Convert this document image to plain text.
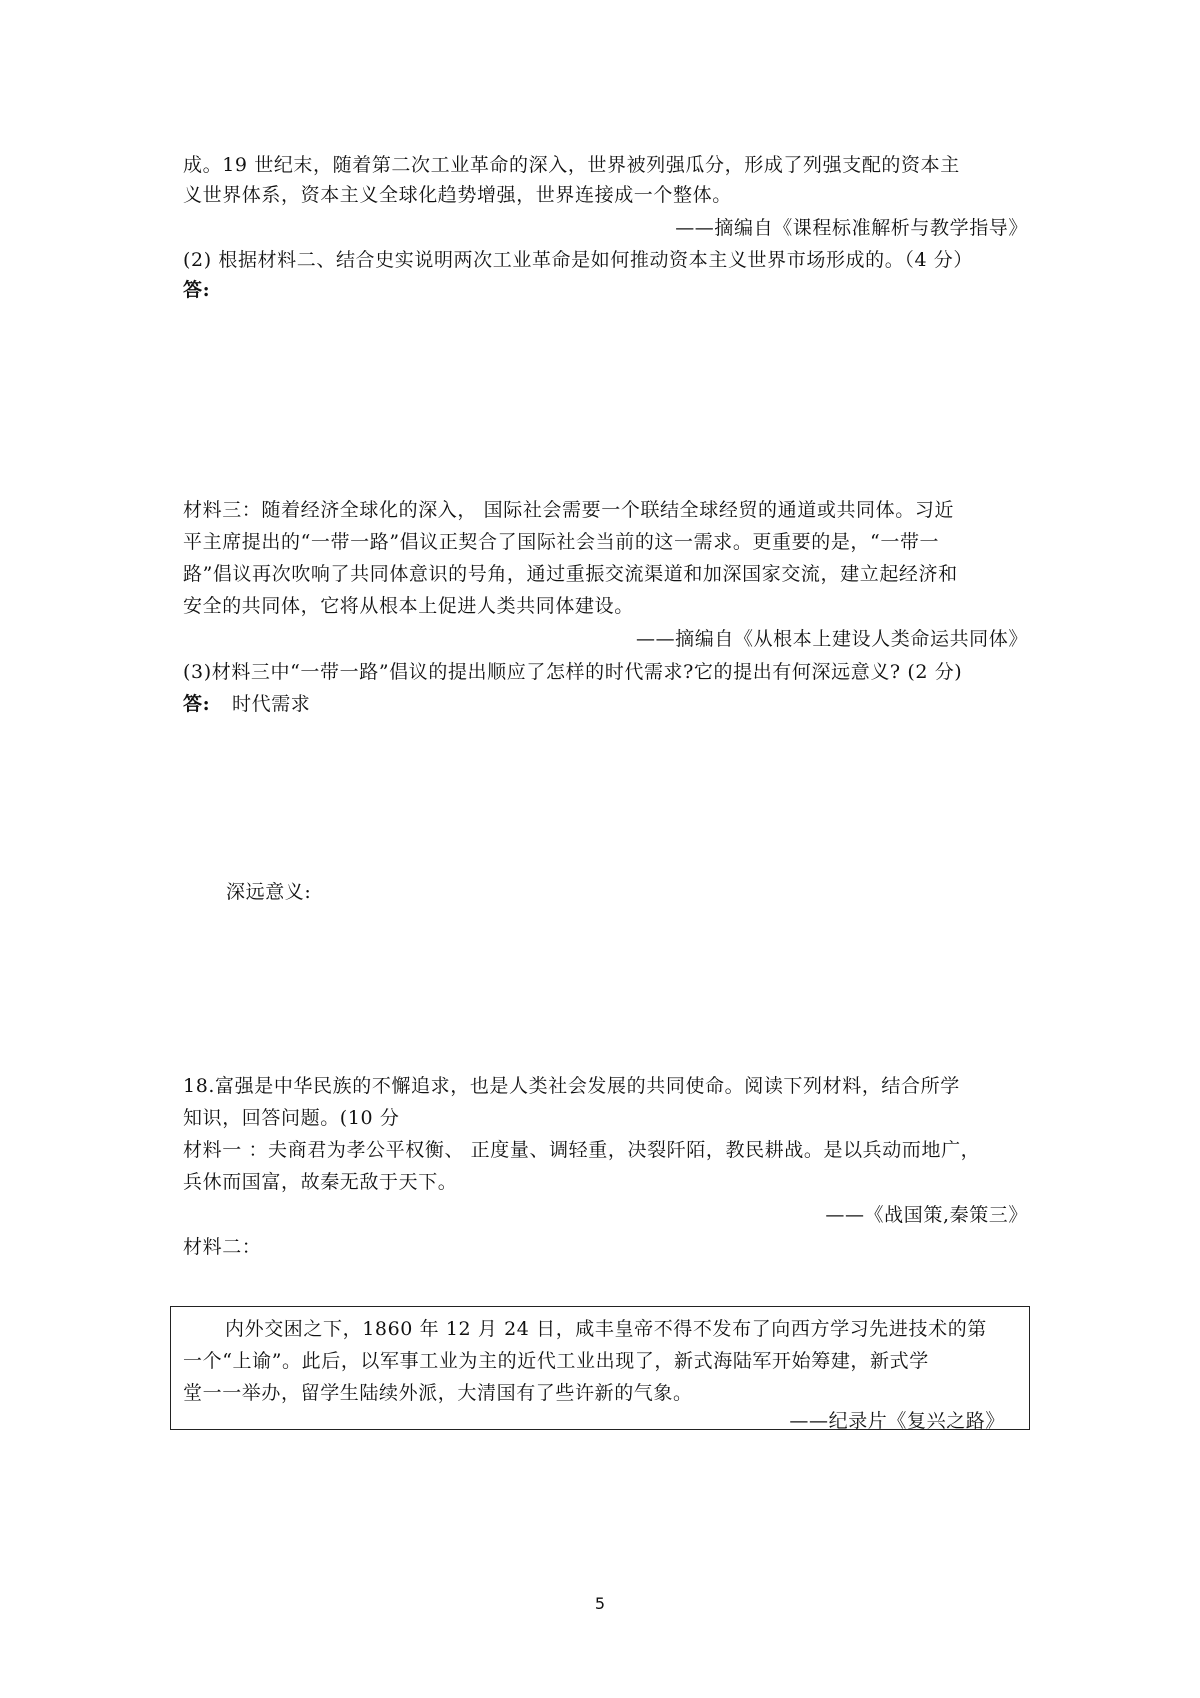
成。19 世纪末，随着第二次工业革命的深入，世界被列强瓜分，形成了列强支配的资本主
义世界体系，资本主义全球化趋势增强，世界连接成一个整体。
——摘编自《课程标准解析与教学指导》
(2) 根据材料二、结合史实说明两次工业革命是如何推动资本主义世界市场形成的。（4 分）
答:
材料三：随着经济全球化的深入， 国际社会需要一个联结全球经贸的通道或共同体。习近
平主席提出的“一带一路”倡议正契合了国际社会当前的这一需求。更重要的是，“一带一
路”倡议再次吹响了共同体意识的号角，通过重振交流渠道和加深国家交流，建立起经济和
安全的共同体，它将从根本上促进人类共同体建设。
——摘编自《从根本上建设人类命运共同体》
(3)材料三中“一带一路”倡议的提出顺应了怎样的时代需求?它的提出有何深远意义? (2 分)
答: 时代需求
深远意义:
18.富强是中华民族的不懈追求，也是人类社会发展的共同使命。阅读下列材料，结合所学
知识，回答问题。(10 分
材料一 ：夫商君为孝公平权衡、 正度量、调轻重，决裂阡陌，教民耕战。是以兵动而地广，
兵休而国富，故秦无敌于天下。
——《战国策,秦策三》
材料二：
内外交困之下，1860 年 12 月 24 日，咸丰皇帝不得不发布了向西方学习先进技术的第
一个“上谕”。此后，以军事工业为主的近代工业出现了，新式海陆军开始筹建，新式学
堂一一举办，留学生陆续外派，大清国有了些许新的气象。
——纪录片《复兴之路》
5
